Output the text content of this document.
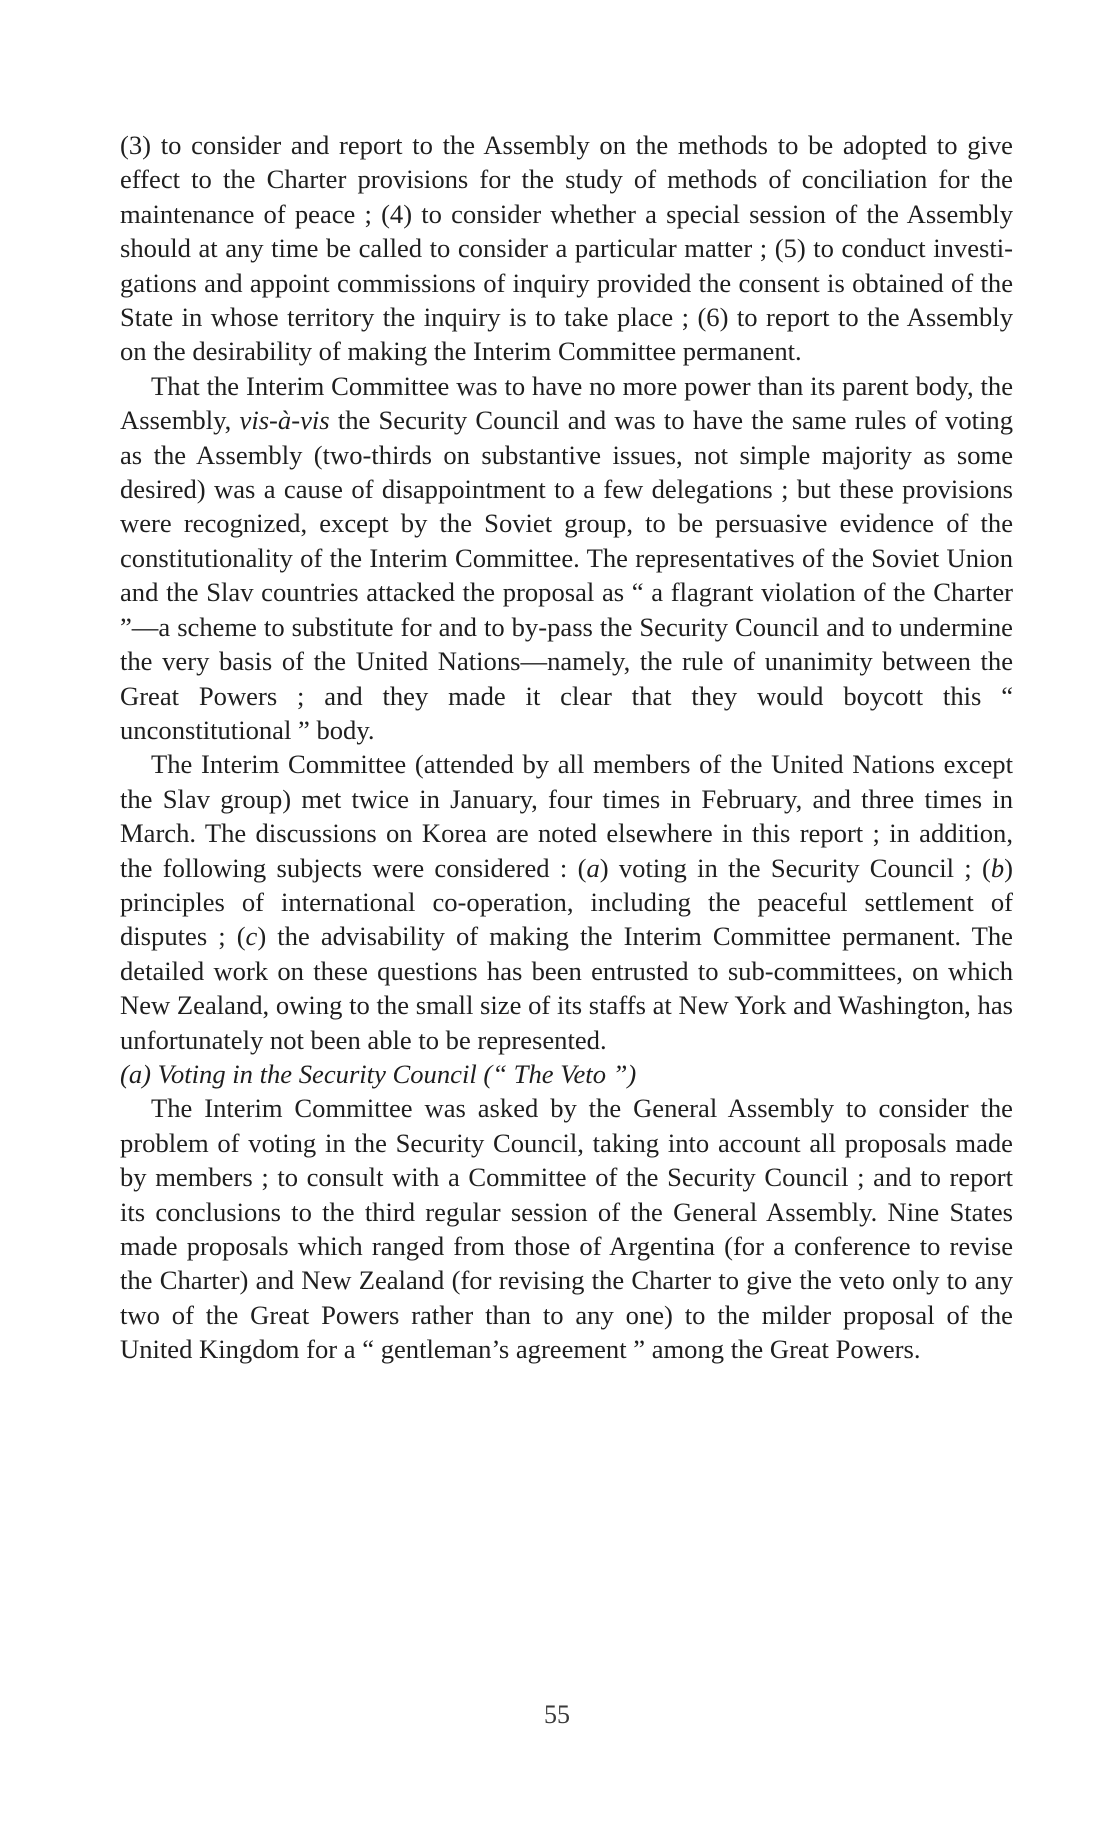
(3) to consider and report to the Assembly on the methods to be adopted to give effect to the Charter provisions for the study of methods of conciliation for the maintenance of peace ; (4) to consider whether a special session of the Assembly should at any time be called to consider a particular matter ; (5) to conduct investigations and appoint commissions of inquiry provided the consent is obtained of the State in whose territory the inquiry is to take place ; (6) to report to the Assembly on the desirability of making the Interim Committee permanent.

That the Interim Committee was to have no more power than its parent body, the Assembly, vis-à-vis the Security Council and was to have the same rules of voting as the Assembly (two-thirds on substantive issues, not simple majority as some desired) was a cause of disappointment to a few delegations ; but these provisions were recognized, except by the Soviet group, to be persuasive evidence of the constitutionality of the Interim Committee. The representatives of the Soviet Union and the Slav countries attacked the proposal as “ a flagrant violation of the Charter ”—a scheme to substitute for and to by-pass the Security Council and to undermine the very basis of the United Nations—namely, the rule of unanimity between the Great Powers ; and they made it clear that they would boycott this “ unconstitutional ” body.

The Interim Committee (attended by all members of the United Nations except the Slav group) met twice in January, four times in February, and three times in March. The discussions on Korea are noted elsewhere in this report ; in addition, the following subjects were considered : (a) voting in the Security Council ; (b) principles of international co-operation, including the peaceful settlement of disputes ; (c) the advisability of making the Interim Committee permanent. The detailed work on these questions has been entrusted to sub-committees, on which New Zealand, owing to the small size of its staffs at New York and Washington, has unfortunately not been able to be represented.

(a) Voting in the Security Council (“ The Veto ”)

The Interim Committee was asked by the General Assembly to consider the problem of voting in the Security Council, taking into account all proposals made by members ; to consult with a Committee of the Security Council ; and to report its conclusions to the third regular session of the General Assembly. Nine States made proposals which ranged from those of Argentina (for a conference to revise the Charter) and New Zealand (for revising the Charter to give the veto only to any two of the Great Powers rather than to any one) to the milder proposal of the United Kingdom for a “ gentleman’s agreement ” among the Great Powers.

55
